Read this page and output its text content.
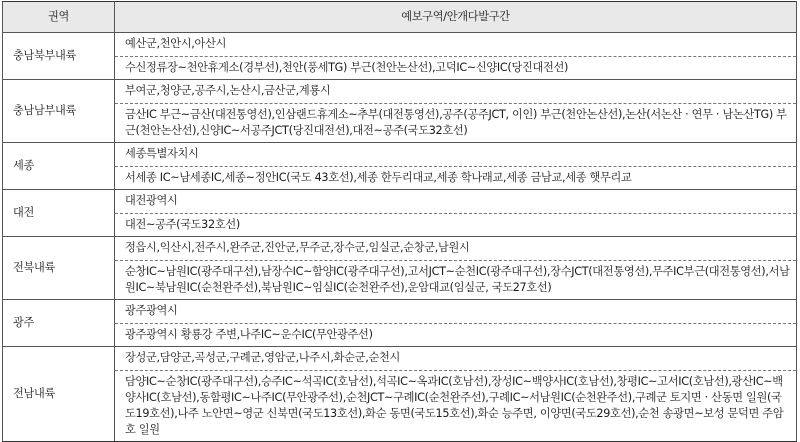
권역	예보구역/안개다발구간
충남북부내륙	예산군,천안시,아산시
수신정류장~천안휴게소(경부선),천안(풍세TG) 부근(천안논산선),고덕IC~신양IC(당진대전선)

충남남부내륙	부여군,청양군,공주시,논산시,금산군,계룡시
금산IC 부근~금산(대전통영선),인삼랜드휴게소~추부(대전통영선),공주(공주JCT, 이인) 부근(천안논산선),논산(서논산 · 연무 · 남논산TG) 부근(천안논산선),신양IC~서공주JCT(당진대전선),대전~공주(국도32호선)

세종	세종특별자치시
서세종 IC~남세종IC,세종~정안IC(국도 43호선),세종 한두리대교,세종 학나래교,세종 금남교,세종 햇무리교

대전	대전광역시
대전~공주(국도32호선)

전북내륙	정읍시,익산시,전주시,완주군,진안군,무주군,장수군,임실군,순창군,남원시
순창IC~남원IC(광주대구선),남장수IC~함양IC(광주대구선),고서JCT~순천IC(광주대구선),장수JCT(대전통영선),무주IC부근(대전통영선),서남원IC~북남원IC(순천완주선),북남원IC~임실IC(순천완주선),운암대교(임실군, 국도27호선)

광주	광주광역시
광주광역시 황룡강 주변,나주IC~운수IC(무안광주선)

전남내륙	장성군,담양군,곡성군,구례군,영암군,나주시,화순군,순천시
담양IC~순창IC(광주대구선),승주IC~석곡IC(호남선),석곡IC~옥과IC(호남선),장성IC~백양사IC(호남선),창평IC~고서IC(호남선),광산IC~백양사IC(호남선),동함평IC~나주IC(무안광주선),순천JCT~구례IC(순천완주선),구례IC~서남원IC(순천완주선),구례군 토지면 · 산동면 일원(국도19호선),나주 노안면~영군 신북면(국도13호선),화순 동면(국도15호선),화순 능주면, 이양면(국도29호선),순천 송광면~보성 문덕면 주암호 일원
